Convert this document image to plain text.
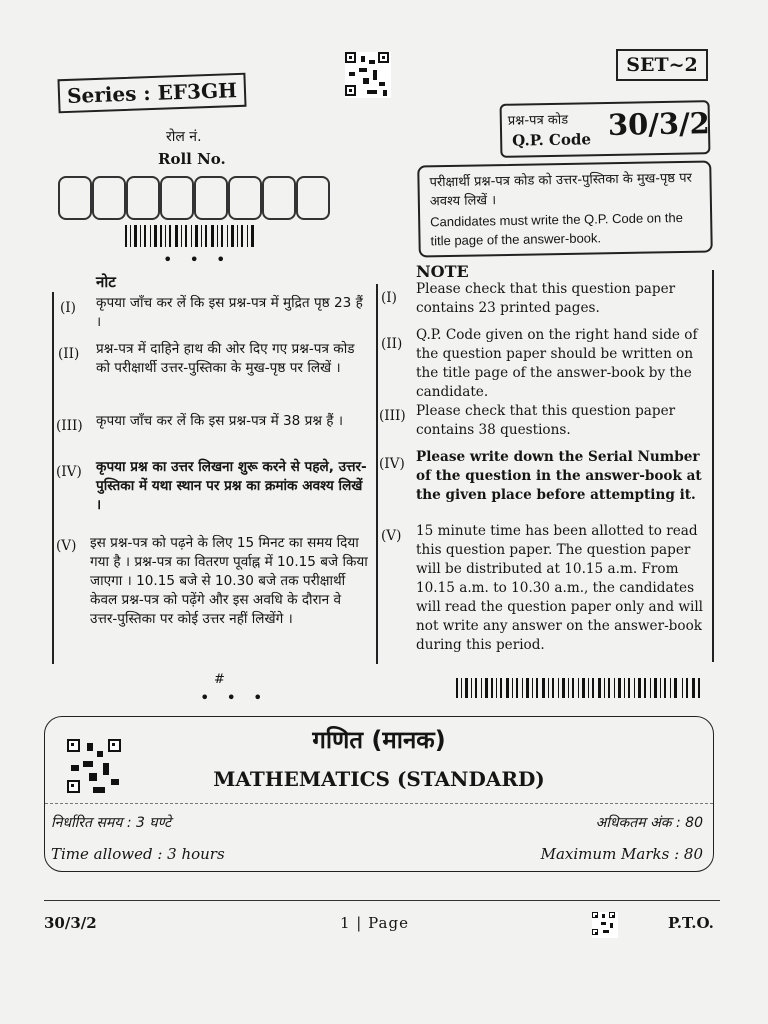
Series : EF3GH
SET~2
प्रश्न-पत्र कोड
Q.P. Code 30/3/2
रोल नं.
Roll No.
• • •
परीक्षार्थी प्रश्न-पत्र कोड को उत्तर-पुस्तिका के मुख-पृष्ठ पर अवश्य लिखें ।
Candidates must write the Q.P. Code on the title page of the answer-book.
नोट
NOTE
(I) कृपया जाँच कर लें कि इस प्रश्न-पत्र में मुद्रित पृष्ठ 23 हैं ।
(II) प्रश्न-पत्र में दाहिने हाथ की ओर दिए गए प्रश्न-पत्र कोड को परीक्षार्थी उत्तर-पुस्तिका के मुख-पृष्ठ पर लिखें ।
(III) कृपया जाँच कर लें कि इस प्रश्न-पत्र में 38 प्रश्न हैं ।
(IV) कृपया प्रश्न का उत्तर लिखना शुरू करने से पहले, उत्तर-पुस्तिका में यथा स्थान पर प्रश्न का क्रमांक अवश्य लिखें ।
(V) इस प्रश्न-पत्र को पढ़ने के लिए 15 मिनट का समय दिया गया है । प्रश्न-पत्र का वितरण पूर्वाह्न में 10.15 बजे किया जाएगा । 10.15 बजे से 10.30 बजे तक परीक्षार्थी केवल प्रश्न-पत्र को पढ़ेंगे और इस अवधि के दौरान वे उत्तर-पुस्तिका पर कोई उत्तर नहीं लिखेंगे ।
(I)
Please check that this question paper contains 23 printed pages.
(II)
Q.P. Code given on the right hand side of the question paper should be written on the title page of the answer-book by the candidate.
(III) Please check that this question paper contains 38 questions.
(IV) Please write down the Serial Number of the question in the answer-book at the given place before attempting it.
(V) 15 minute time has been allotted to read this question paper. The question paper will be distributed at 10.15 a.m. From 10.15 a.m. to 10.30 a.m., the candidates will read the question paper only and will not write any answer on the answer-book during this period.
#
• • •
गणित (मानक)
MATHEMATICS (STANDARD)
निर्धारित समय : 3 घण्टे	अधिकतम अंक : 80
Time allowed : 3 hours	Maximum Marks : 80
30/3/2	1 | Page	P.T.O.
